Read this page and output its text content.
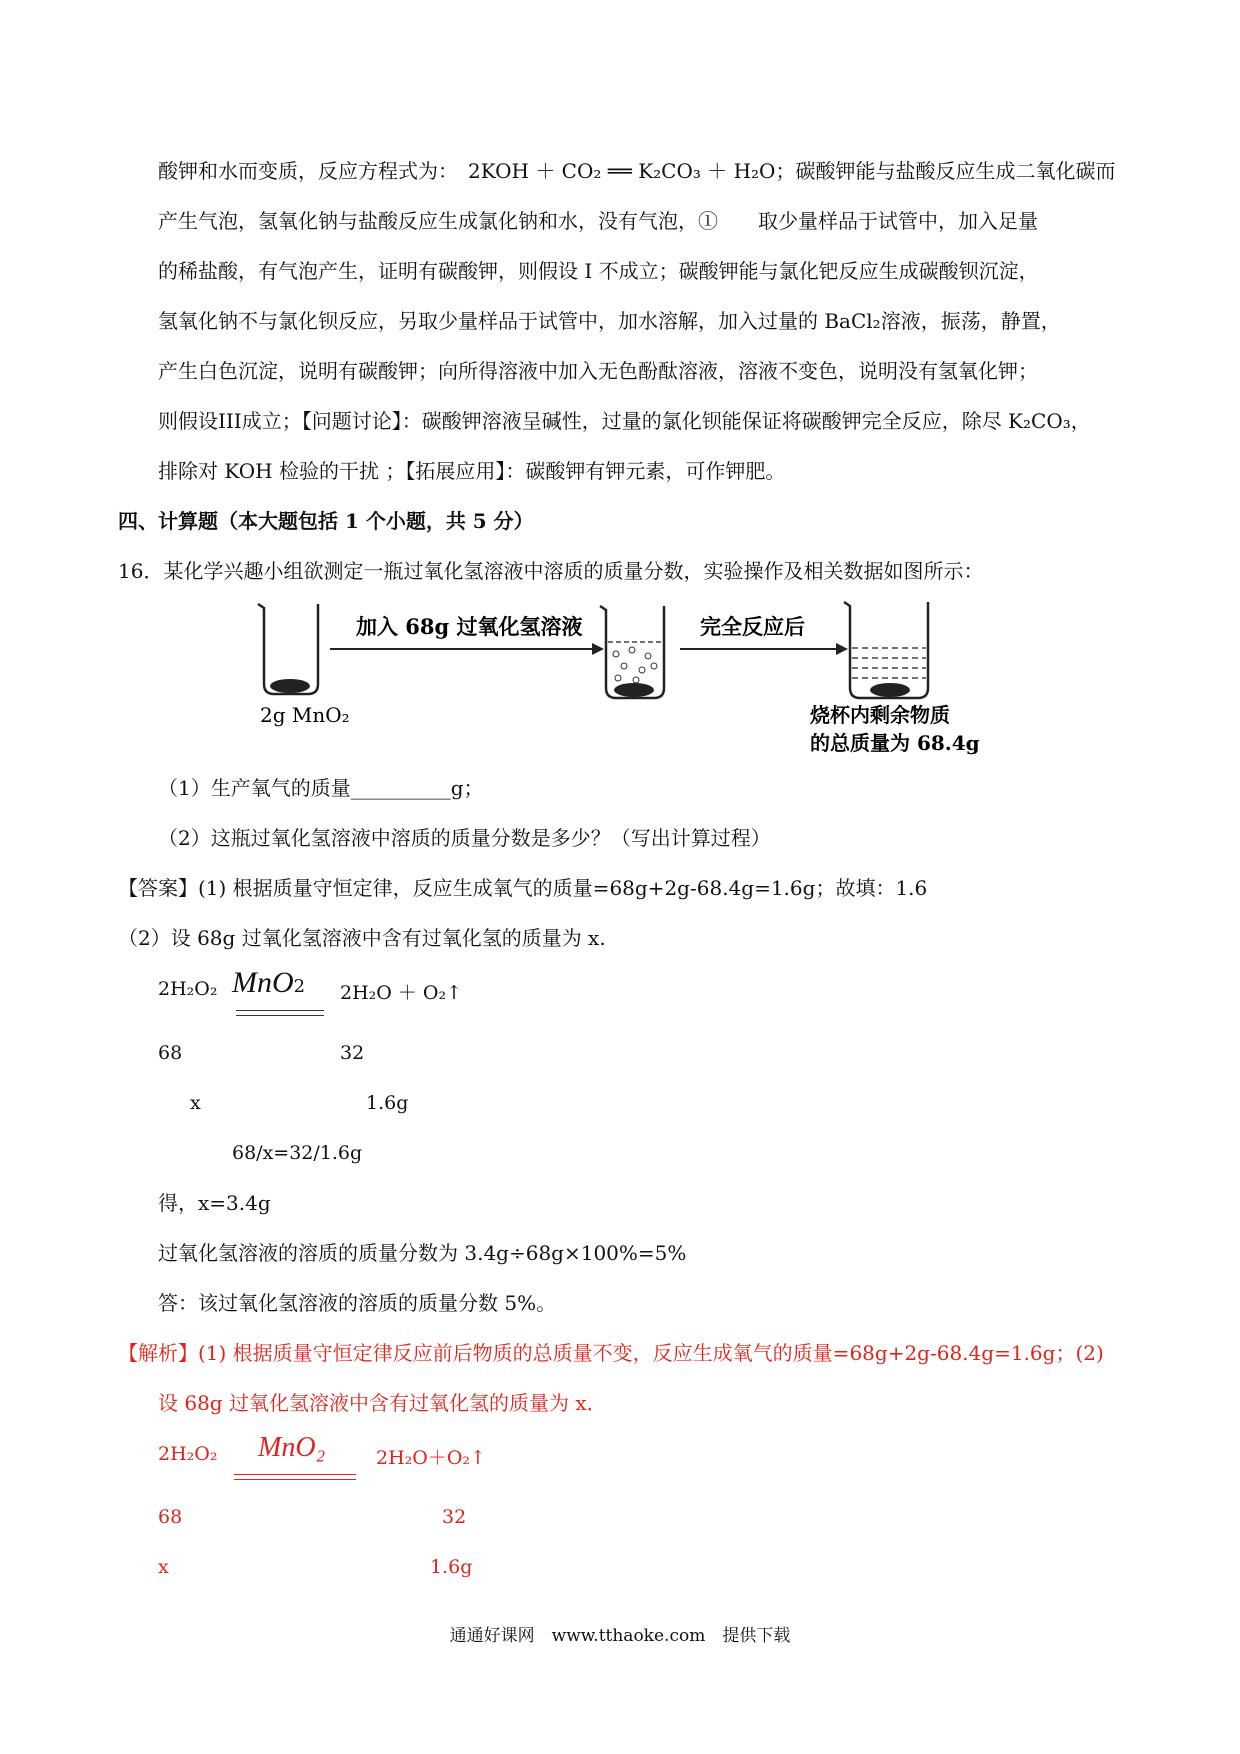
酸钾和水而变质，反应方程式为：　2KOH ＋ CO₂ ══ K₂CO₃ ＋ H₂O；碳酸钾能与盐酸反应生成二氧化碳而
产生气泡，氢氧化钠与盐酸反应生成氯化钠和水，没有气泡，①　　取少量样品于试管中，加入足量
的稀盐酸，有气泡产生，证明有碳酸钾，则假设 I 不成立；碳酸钾能与氯化钯反应生成碳酸钡沉淀，
氢氧化钠不与氯化钡反应，另取少量样品于试管中，加水溶解，加入过量的 BaCl₂溶液，振荡，静置，
产生白色沉淀，说明有碳酸钾；向所得溶液中加入无色酚酞溶液，溶液不变色，说明没有氢氧化钾；
则假设III成立；【问题讨论】：碳酸钾溶液呈碱性，过量的氯化钡能保证将碳酸钾完全反应，除尽 K₂CO₃，
排除对 KOH 检验的干扰 ；【拓展应用】：碳酸钾有钾元素，可作钾肥。
四、计算题（本大题包括 1 个小题，共 5 分）
16．某化学兴趣小组欲测定一瓶过氧化氢溶液中溶质的质量分数，实验操作及相关数据如图所示：
2g MnO₂
加入 68g 过氧化氢溶液	完全反应后
烧杯内剩余物质
的总质量为 68.4g
（1）生产氧气的质量__________g；
（2）这瓶过氧化氢溶液中溶质的质量分数是多少？（写出计算过程）
【答案】(1) 根据质量守恒定律，反应生成氧气的质量=68g+2g-68.4g=1.6g；故填：1.6
（2）设 68g 过氧化氢溶液中含有过氧化氢的质量为 x.
2H₂O₂ MnO2 2H₂O ＋ O₂↑
68	32
x	1.6g
68/x=32/1.6g
得，x=3.4g
过氧化氢溶液的溶质的质量分数为 3.4g÷68g×100%=5%
答：该过氧化氢溶液的溶质的质量分数 5%。
【解析】(1) 根据质量守恒定律反应前后物质的总质量不变，反应生成氧气的质量=68g+2g-68.4g=1.6g；(2)
设 68g 过氧化氢溶液中含有过氧化氢的质量为 x．
2H₂O₂ MnO₂	2H₂O＋O₂↑
68	32
x	1.6g
通通好课网　www.tthaoke.com　提供下载
